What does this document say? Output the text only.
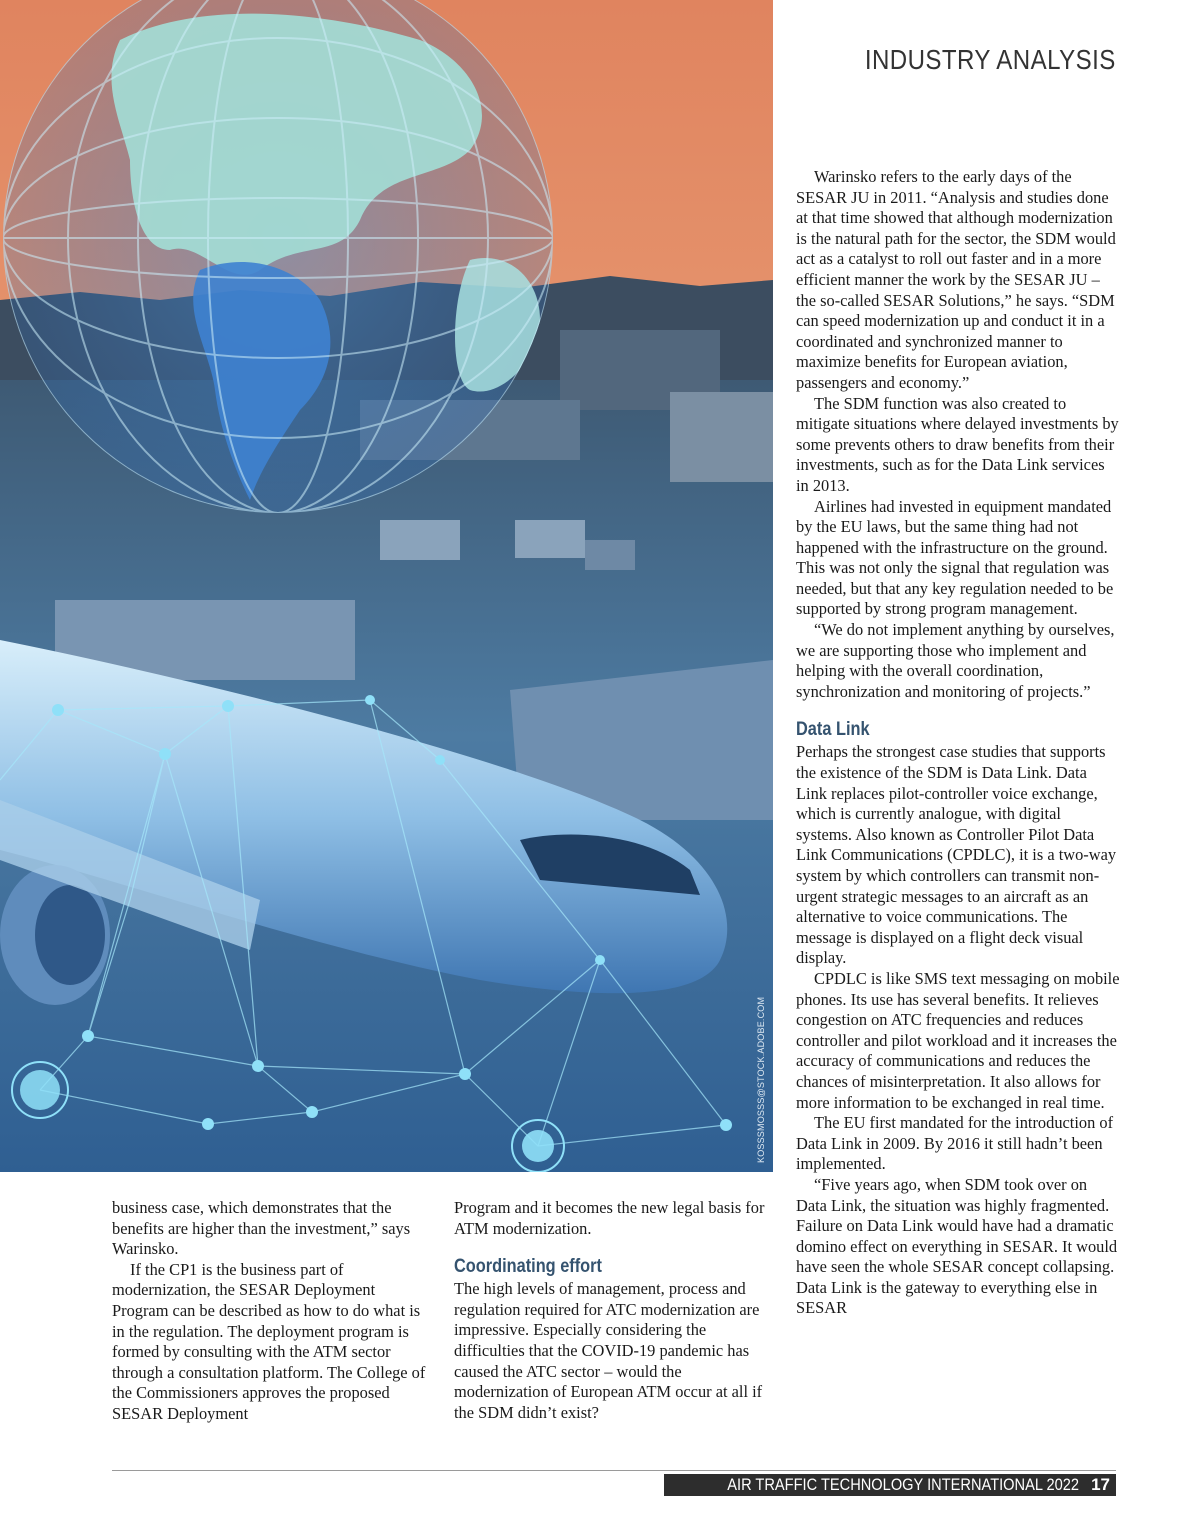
KOSSSMOSSS@STOCK.ADOBE.COM
INDUSTRY ANALYSIS

Warinsko refers to the early days of the SESAR JU in 2011. “Analysis and studies done at that time showed that although modernization is the natural path for the sector, the SDM would act as a catalyst to roll out faster and in a more efficient manner the work by the SESAR JU – the so-called SESAR Solutions,” he says. “SDM can speed modernization up and conduct it in a coordinated and synchronized manner to maximize benefits for European aviation, passengers and economy.”

The SDM function was also created to mitigate situations where delayed investments by some prevents others to draw benefits from their investments, such as for the Data Link services in 2013.

Airlines had invested in equipment mandated by the EU laws, but the same thing had not happened with the infrastructure on the ground. This was not only the signal that regulation was needed, but that any key regulation needed to be supported by strong program management.

“We do not implement anything by ourselves, we are supporting those who implement and helping with the overall coordination, synchronization and monitoring of projects.”

Data Link

Perhaps the strongest case studies that supports the existence of the SDM is Data Link. Data Link replaces pilot-controller voice exchange, which is currently analogue, with digital systems. Also known as Controller Pilot Data Link Communications (CPDLC), it is a two-way system by which controllers can transmit non-urgent strategic messages to an aircraft as an alternative to voice communications. The message is displayed on a flight deck visual display.

CPDLC is like SMS text messaging on mobile phones. Its use has several benefits. It relieves congestion on ATC frequencies and reduces controller and pilot workload and it increases the accuracy of communications and reduces the chances of misinterpretation. It also allows for more information to be exchanged in real time.

The EU first mandated for the introduction of Data Link in 2009. By 2016 it still hadn’t been implemented.

“Five years ago, when SDM took over on Data Link, the situation was highly fragmented. Failure on Data Link would have had a dramatic domino effect on everything in SESAR. It would have seen the whole SESAR concept collapsing. Data Link is the gateway to everything else in SESAR

business case, which demonstrates that the benefits are higher than the investment,” says Warinsko.

If the CP1 is the business part of modernization, the SESAR Deployment Program can be described as how to do what is in the regulation. The deployment program is formed by consulting with the ATM sector through a consultation platform. The College of the Commissioners approves the proposed SESAR Deployment

Program and it becomes the new legal basis for ATM modernization.

Coordinating effort

The high levels of management, process and regulation required for ATC modernization are impressive. Especially considering the difficulties that the COVID-19 pandemic has caused the ATC sector – would the modernization of European ATM occur at all if the SDM didn’t exist?

AIR TRAFFIC TECHNOLOGY INTERNATIONAL 2022 17
